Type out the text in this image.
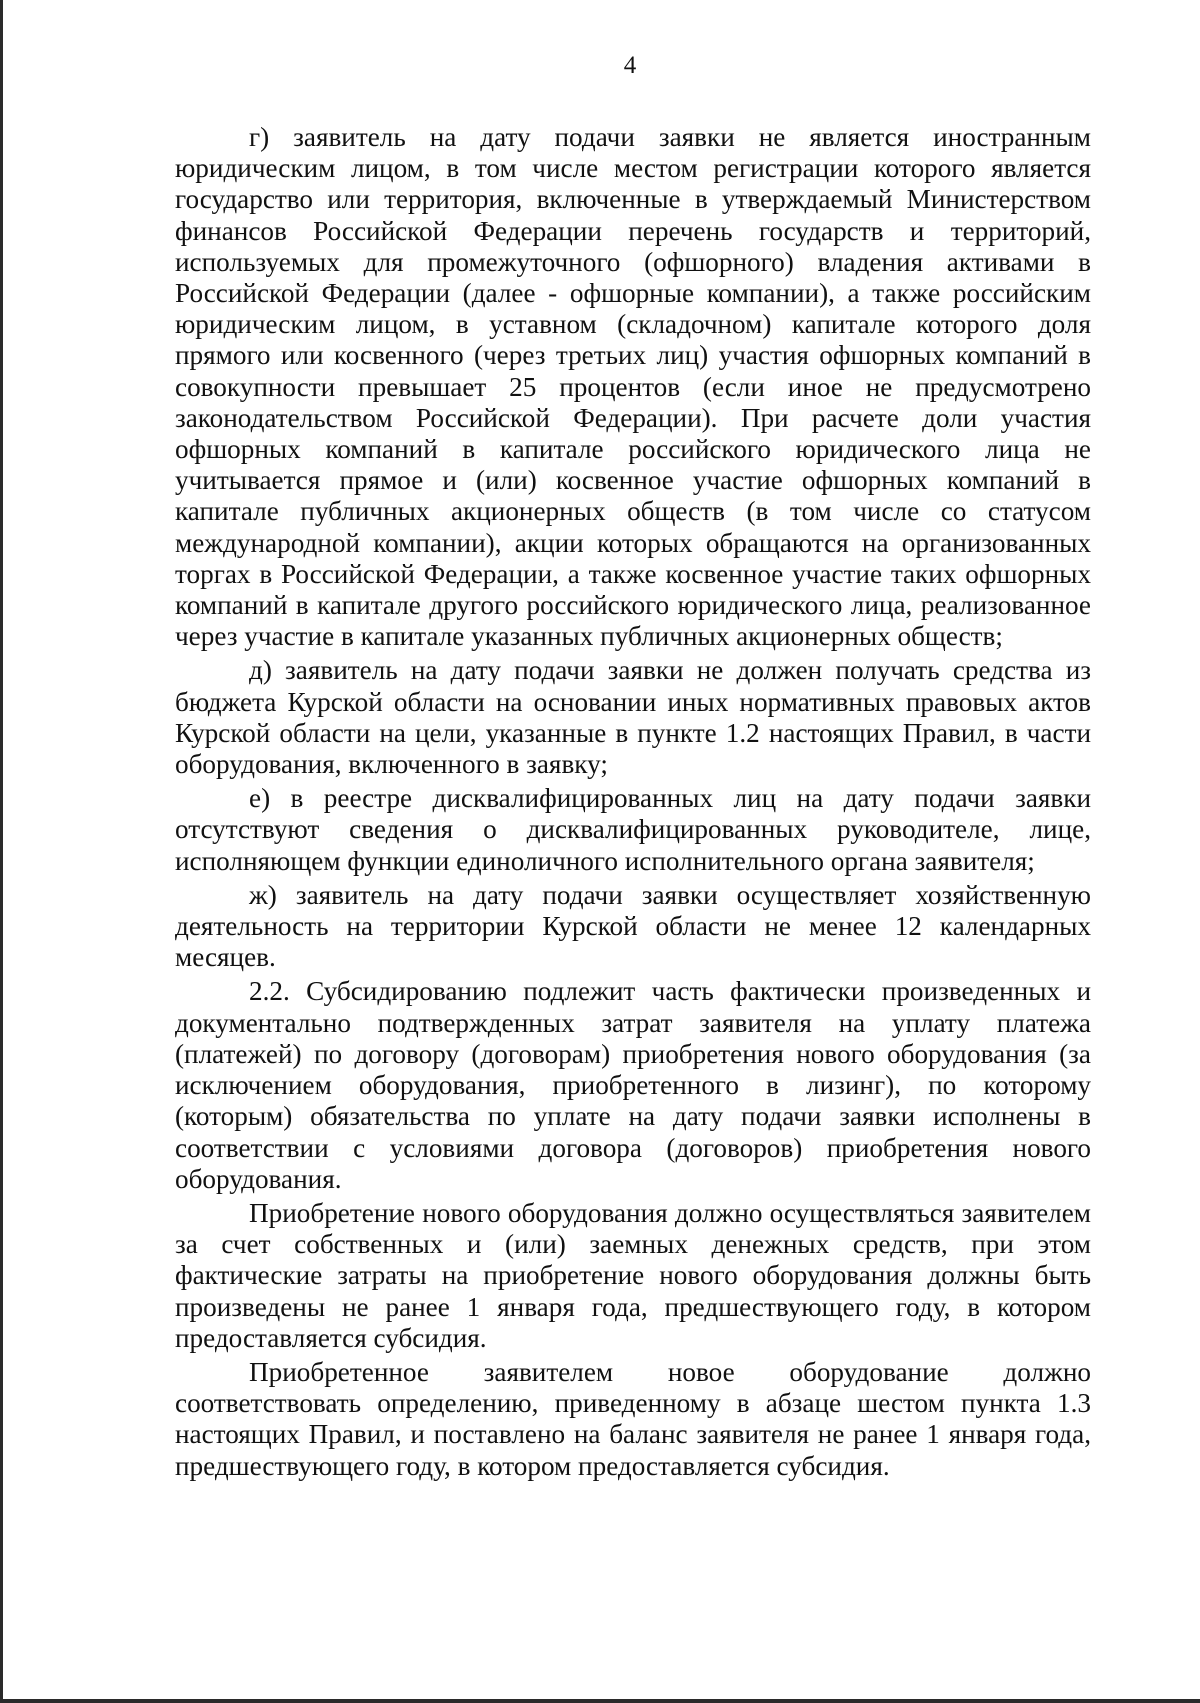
4

г) заявитель на дату подачи заявки не является иностранным юридическим лицом, в том числе местом регистрации которого является государство или территория, включенные в утверждаемый Министерством финансов Российской Федерации перечень государств и территорий, используемых для промежуточного (офшорного) владения активами в Российской Федерации (далее - офшорные компании), а также российским юридическим лицом, в уставном (складочном) капитале которого доля прямого или косвенного (через третьих лиц) участия офшорных компаний в совокупности превышает 25 процентов (если иное не предусмотрено законодательством Российской Федерации). При расчете доли участия офшорных компаний в капитале российского юридического лица не учитывается прямое и (или) косвенное участие офшорных компаний в капитале публичных акционерных обществ (в том числе со статусом международной компании), акции которых обращаются на организованных торгах в Российской Федерации, а также косвенное участие таких офшорных компаний в капитале другого российского юридического лица, реализованное через участие в капитале указанных публичных акционерных обществ;

д) заявитель на дату подачи заявки не должен получать средства из бюджета Курской области на основании иных нормативных правовых актов Курской области на цели, указанные в пункте 1.2 настоящих Правил, в части оборудования, включенного в заявку;

е) в реестре дисквалифицированных лиц на дату подачи заявки отсутствуют сведения о дисквалифицированных руководителе, лице, исполняющем функции единоличного исполнительного органа заявителя;

ж) заявитель на дату подачи заявки осуществляет хозяйственную деятельность на территории Курской области не менее 12 календарных месяцев.

2.2. Субсидированию подлежит часть фактически произведенных и документально подтвержденных затрат заявителя на уплату платежа (платежей) по договору (договорам) приобретения нового оборудования (за исключением оборудования, приобретенного в лизинг), по которому (которым) обязательства по уплате на дату подачи заявки исполнены в соответствии с условиями договора (договоров) приобретения нового оборудования.

Приобретение нового оборудования должно осуществляться заявителем за счет собственных и (или) заемных денежных средств, при этом фактические затраты на приобретение нового оборудования должны быть произведены не ранее 1 января года, предшествующего году, в котором предоставляется субсидия.

Приобретенное заявителем новое оборудование должно соответствовать определению, приведенному в абзаце шестом пункта 1.3 настоящих Правил, и поставлено на баланс заявителя не ранее 1 января года, предшествующего году, в котором предоставляется субсидия.
